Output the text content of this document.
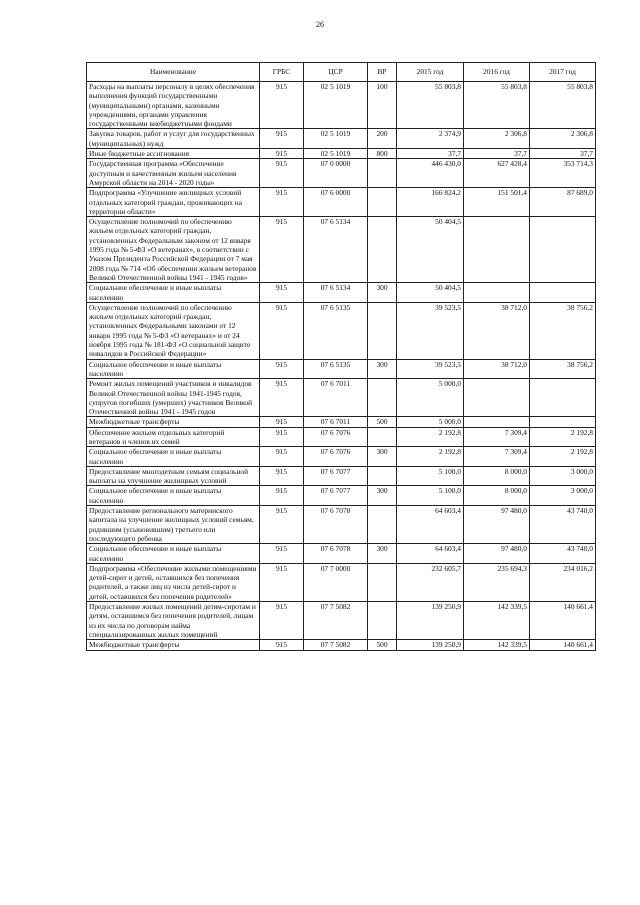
26
Наименование	ГРБС	ЦСР	ВР	2015 год	2016 год	2017 год
Расходы на выплаты персоналу в целях обеспечения выполнения функций государственными (муниципальными) органами, казенными учреждениями, органами управления государственными внебюджетными фондами	915	02 5 1019	100	55 803,8	55 803,8	55 803,8
Закупка товаров, работ и услуг для государственных (муниципальных) нужд	915	02 5 1019	200	2 374,9	2 306,8	2 306,8
Иные бюджетные ассигнования	915	02 5 1019	800	37,7	37,7	37,7
Государственная программа «Обеспечение доступным и качественным жильем населения Амурской области на 2014 - 2020 годы»	915	07 0 0000		446 430,0	627 428,4	353 714,3
Подпрограмма «Улучшение жилищных условий отдельных категорий граждан, проживающих на территории области»	915	07 6 0000		166 824,2	151 501,4	87 689,0
Осуществление полномочий по обеспечению жильем отдельных категорий граждан, установленных Федеральным законом от 12 января 1995 года № 5-ФЗ «О ветеранах», в соответствии с Указом Президента Российской Федерации от 7 мая 2008 года № 714 «Об обеспечении жильем ветеранов Великой Отечественной войны 1941 - 1945 годов»	915	07 6 5134		50 404,5		
Социальное обеспечение и иные выплаты населению	915	07 6 5134	300	50 404,5		
Осуществление полномочий по обеспечению жильем отдельных категорий граждан, установленных Федеральными законами от 12 января 1995 года № 5-ФЗ «О ветеранах» и от 24 ноября 1995 года № 181-ФЗ «О социальной защите инвалидов в Российской Федерации»	915	07 6 5135		39 523,5	38 712,0	38 756,2
Социальное обеспечение и иные выплаты населению	915	07 6 5135	300	39 523,5	38 712,0	38 756,2
Ремонт жилых помещений участников и инвалидов Великой Отечественной войны 1941-1945 годов, супругов погибших (умерших) участников Великой Отечественной войны 1941 - 1945 годов	915	07 6 7011		5 000,0		
Межбюджетные трансферты	915	07 6 7011	500	5 000,0		
Обеспечение жильем отдельных категорий ветеранов и членов их семей	915	07 6 7076		2 192,8	7 309,4	2 192,8
Социальное обеспечение и иные выплаты населению	915	07 6 7076	300	2 192,8	7 309,4	2 192,8
Предоставление многодетным семьям социальной выплаты на улучшение жилищных условий	915	07 6 7077		5 100,0	8 000,0	3 000,0
Социальное обеспечение и иные выплаты населению	915	07 6 7077	300	5 100,0	8 000,0	3 000,0
Предоставление регионального материнского капитала на улучшение жилищных условий семьям, родившим (усыновившим) третьего или последующего ребенка	915	07 6 7078		64 603,4	97 480,0	43 740,0
Социальное обеспечение и иные выплаты населению	915	07 6 7078	300	64 603,4	97 480,0	43 740,0
Подпрограмма «Обеспечение жилыми помещениями детей-сирот и детей, оставшихся без попечения родителей, а также лиц из числа детей-сирот и детей, оставшихся без попечения родителей»	915	07 7 0000		232 605,7	235 694,3	234 016,2
Предоставление жилых помещений детям-сиротам и детям, оставшимся без попечения родителей, лицам из их числа по договорам найма специализированных жилых помещений	915	07 7 5082		139 250,9	142 339,5	140 661,4
Межбюджетные трансферты	915	07 7 5082	500	139 250,9	142 339,5	140 661,4
